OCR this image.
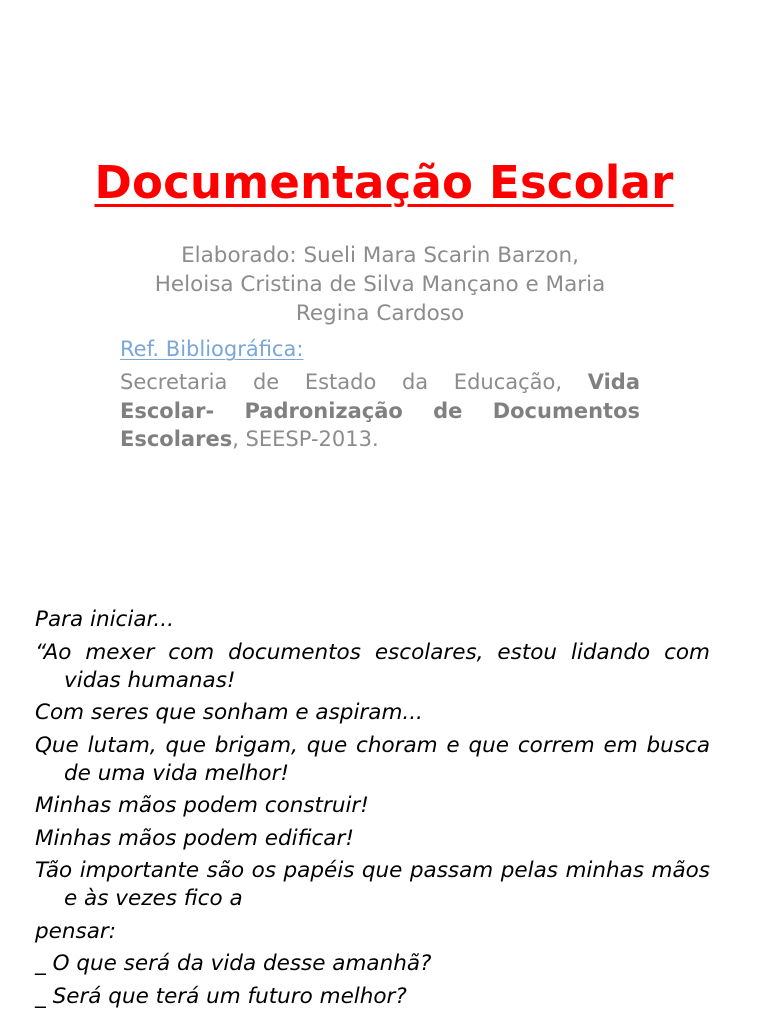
Documentação Escolar
Elaborado: Sueli Mara Scarin Barzon,
Heloisa Cristina de Silva Mançano e Maria
Regina Cardoso
Ref. Bibliográfica:
Secretaria de Estado da Educação, Vida Escolar- Padronização de Documentos Escolares, SEESP-2013.

Para iniciar...

“Ao mexer com documentos escolares, estou lidando com vidas humanas!

Com seres que sonham e aspiram...

Que lutam, que brigam, que choram e que correm em busca de uma vida melhor!

Minhas mãos podem construir!

Minhas mãos podem edificar!

Tão importante são os papéis que passam pelas minhas mãos e às vezes fico a

pensar:

_ O que será da vida desse amanhã?

_ Será que terá um futuro melhor?
